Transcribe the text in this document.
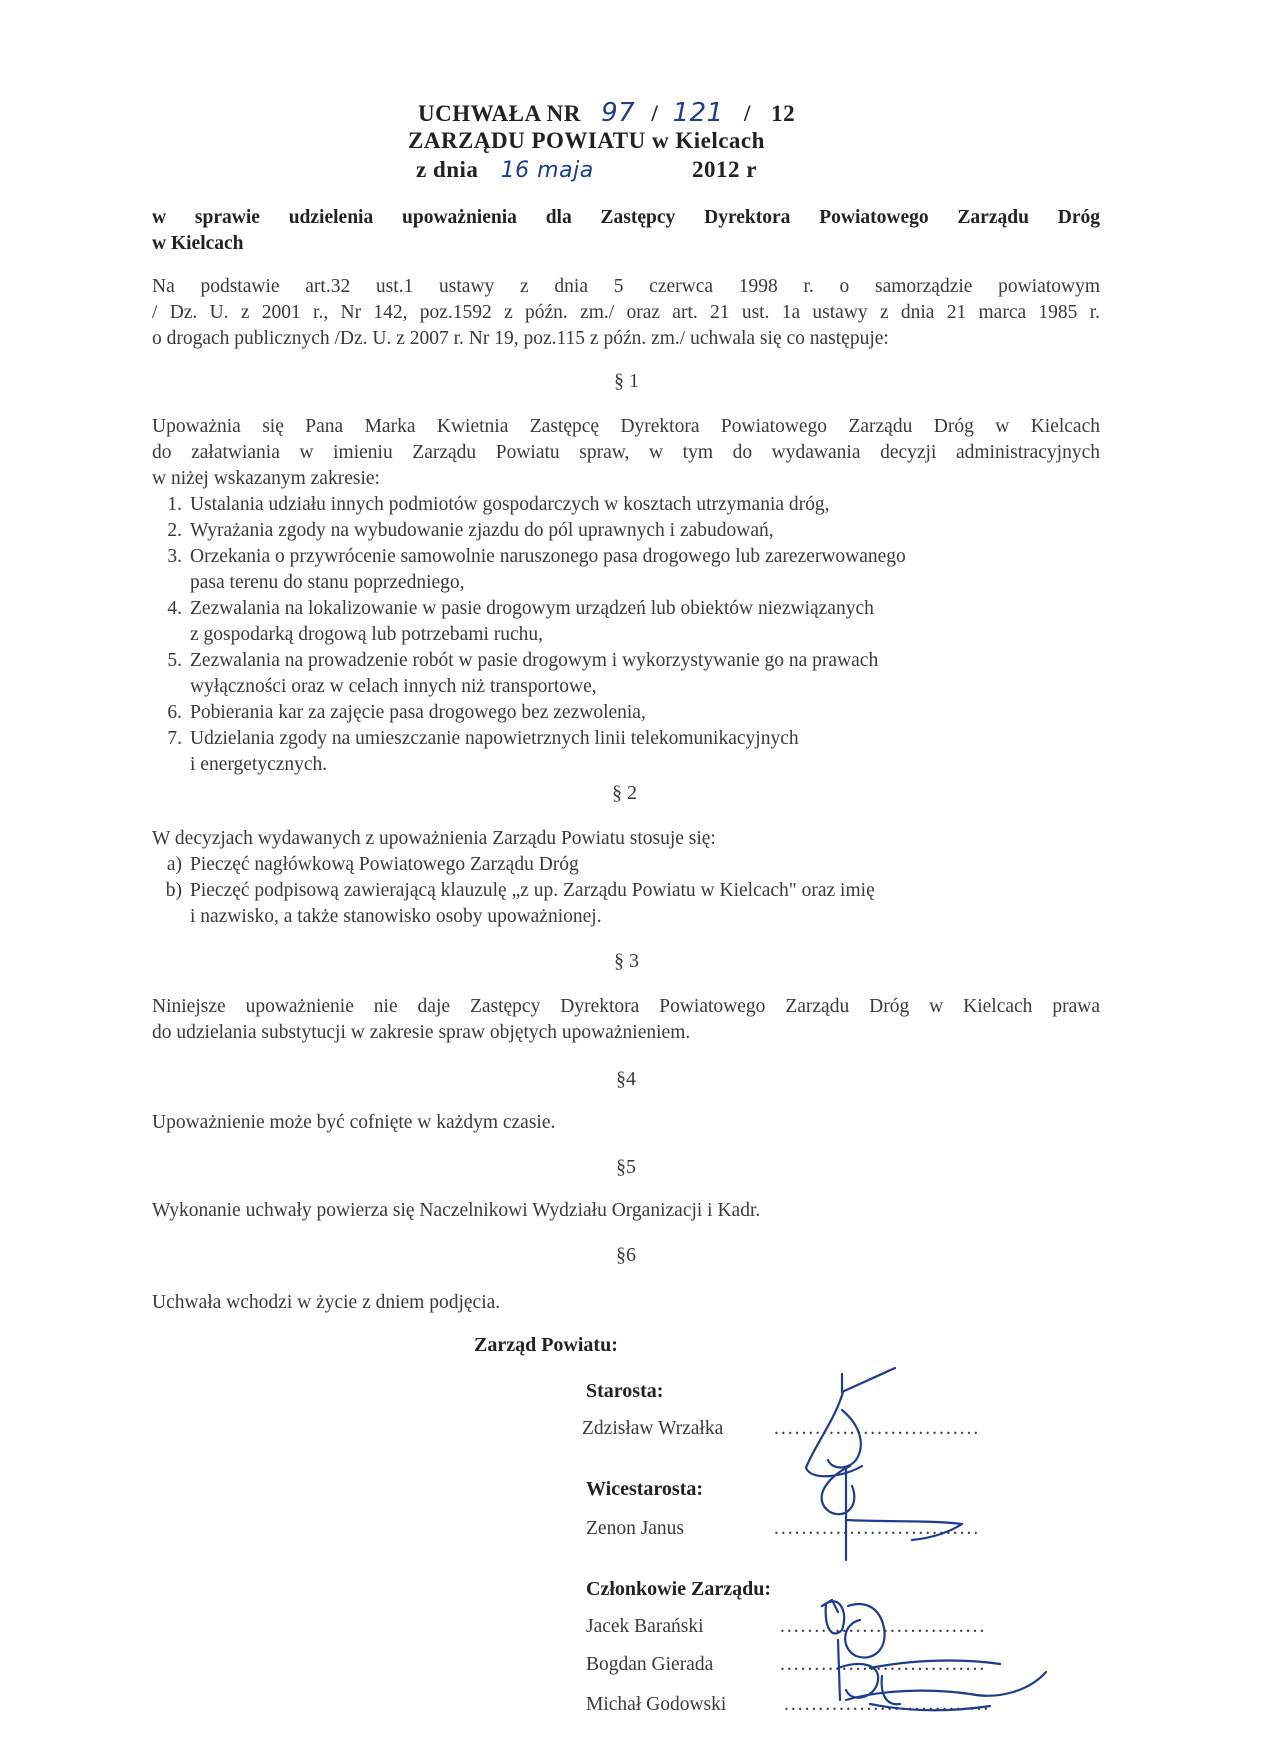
UCHWAŁA NR 97 / 121 / 12
ZARZĄDU POWIATU w Kielcach
z dnia 16 maja	2012 r
w sprawie udzielenia upoważnienia dla Zastępcy Dyrektora Powiatowego Zarządu Dróg
w Kielcach
Na podstawie art.32 ust.1 ustawy z dnia 5 czerwca 1998 r. o samorządzie powiatowym
/ Dz. U. z 2001 r., Nr 142, poz.1592 z późn. zm./ oraz art. 21 ust. 1a ustawy z dnia 21 marca 1985 r.
o drogach publicznych /Dz. U. z 2007 r. Nr 19, poz.115 z późn. zm./ uchwala się co następuje:
§ 1
Upoważnia się Pana Marka Kwietnia Zastępcę Dyrektora Powiatowego Zarządu Dróg w Kielcach
do załatwiania w imieniu Zarządu Powiatu spraw, w tym do wydawania decyzji administracyjnych
w niżej wskazanym zakresie:
1. Ustalania udziału innych podmiotów gospodarczych w kosztach utrzymania dróg,
2. Wyrażania zgody na wybudowanie zjazdu do pól uprawnych i zabudowań,
3. Orzekania o przywrócenie samowolnie naruszonego pasa drogowego lub zarezerwowanego
pasa terenu do stanu poprzedniego,
4. Zezwalania na lokalizowanie w pasie drogowym urządzeń lub obiektów niezwiązanych
z gospodarką drogową lub potrzebami ruchu,
5. Zezwalania na prowadzenie robót w pasie drogowym i wykorzystywanie go na prawach
wyłączności oraz w celach innych niż transportowe,
6. Pobierania kar za zajęcie pasa drogowego bez zezwolenia,
7. Udzielania zgody na umieszczanie napowietrznych linii telekomunikacyjnych
i energetycznych.
§ 2
W decyzjach wydawanych z upoważnienia Zarządu Powiatu stosuje się:
a) Pieczęć nagłówkową Powiatowego Zarządu Dróg
b) Pieczęć podpisową zawierającą klauzulę „z up. Zarządu Powiatu w Kielcach" oraz imię
i nazwisko, a także stanowisko osoby upoważnionej.
§ 3
Niniejsze upoważnienie nie daje Zastępcy Dyrektora Powiatowego Zarządu Dróg w Kielcach prawa
do udzielania substytucji w zakresie spraw objętych upoważnieniem.
§4
Upoważnienie może być cofnięte w każdym czasie.
§5
Wykonanie uchwały powierza się Naczelnikowi Wydziału Organizacji i Kadr.
§6
Uchwała wchodzi w życie z dniem podjęcia.
Zarząd Powiatu:
Starosta:
Zdzisław Wrzałka	..............................
Wicestarosta:
Zenon Janus	..............................
Członkowie Zarządu:
Jacek Barański	..............................
Bogdan Gierada	..............................
Michał Godowski	..............................
